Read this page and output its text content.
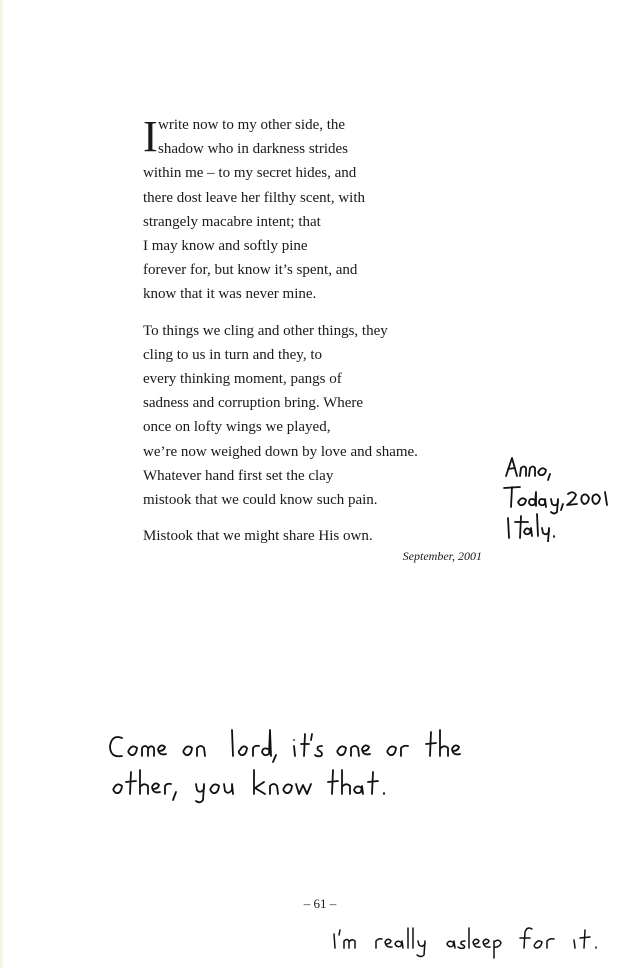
I write now to my other side, the
shadow who in darkness strides
within me – to my secret hides, and
there dost leave her filthy scent, with
strangely macabre intent; that
I may know and softly pine
forever for, but know it’s spent, and
know that it was never mine.
To things we cling and other things, they
cling to us in turn and they, to
every thinking moment, pangs of
sadness and corruption bring. Where
once on lofty wings we played,
we’re now weighed down by love and shame.
Whatever hand first set the clay
mistook that we could know such pain.
Mistook that we might share His own.
September, 2001
– 61 –
